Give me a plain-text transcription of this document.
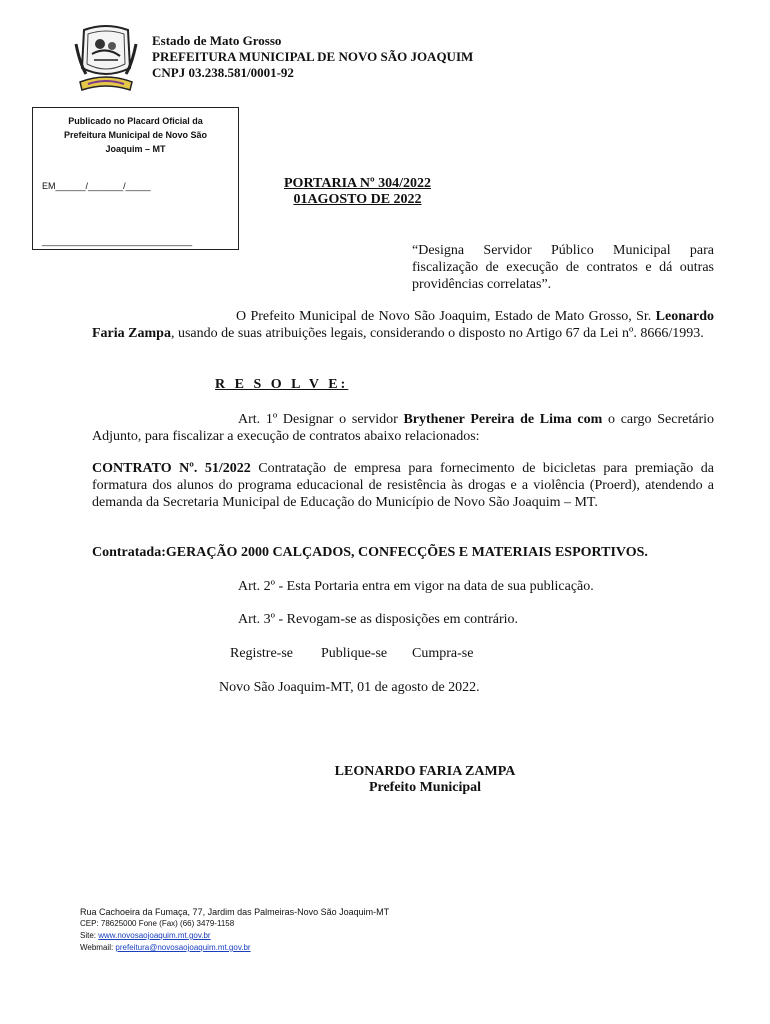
Estado de Mato Grosso
PREFEITURA MUNICIPAL DE NOVO SÃO JOAQUIM
CNPJ 03.238.581/0001-92
Publicado no Placard Oficial da Prefeitura Municipal de Novo São Joaquim – MT
EM______/_______/_____
______________________________
PORTARIA Nº 304/2022
01AGOSTO DE 2022
“Designa Servidor Público Municipal para fiscalização de execução de contratos e dá outras providências correlatas”.
O Prefeito Municipal de Novo São Joaquim, Estado de Mato Grosso, Sr. Leonardo Faria Zampa, usando de suas atribuições legais, considerando o disposto no Artigo 67 da Lei nº. 8666/1993.
R E S O L V E:
Art. 1º Designar o servidor Brythener Pereira de Lima com o cargo Secretário Adjunto, para fiscalizar a execução de contratos abaixo relacionados:
CONTRATO Nº. 51/2022 Contratação de empresa para fornecimento de bicicletas para premiação da formatura dos alunos do programa educacional de resistência às drogas e a violência (Proerd), atendendo a demanda da Secretaria Municipal de Educação do Município de Novo São Joaquim – MT.
Contratada:GERAÇÃO 2000 CALÇADOS, CONFECÇÕES E MATERIAIS ESPORTIVOS.
Art. 2º - Esta Portaria entra em vigor na data de sua publicação.
Art. 3º - Revogam-se as disposições em contrário.
Registre-se Publique-se Cumpra-se
Novo São Joaquim-MT, 01 de agosto de 2022.
LEONARDO FARIA ZAMPA
Prefeito Municipal
Rua Cachoeira da Fumaça, 77, Jardim das Palmeiras-Novo São Joaquim-MT
CEP: 78625000 Fone (Fax) (66) 3479-1158
Site: www.novosaojoaquim.mt.gov.br
Webmail: prefeitura@novosaojoaquim.mt.gov.br
